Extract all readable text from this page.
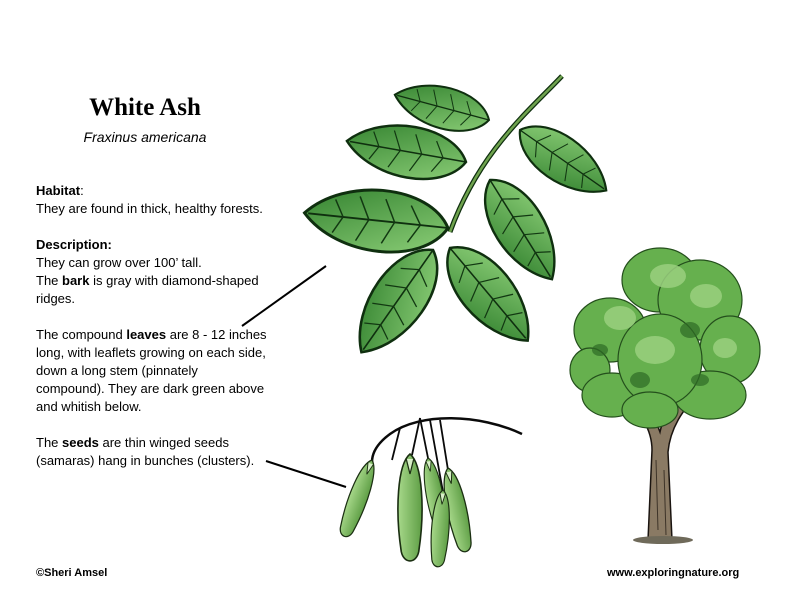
White Ash
Fraxinus americana

Habitat:

They are found in thick, healthy forests.

Description:

They can grow over 100’ tall.

The bark is gray with diamond-shaped ridges.

The compound leaves are 8 - 12 inches long, with leaflets growing on each side, down a long stem (pinnately compound). They are dark green above and whitish below.

The seeds are thin winged seeds (samaras) hang in bunches (clusters).

©Sheri Amsel	www.exploringnature.org
